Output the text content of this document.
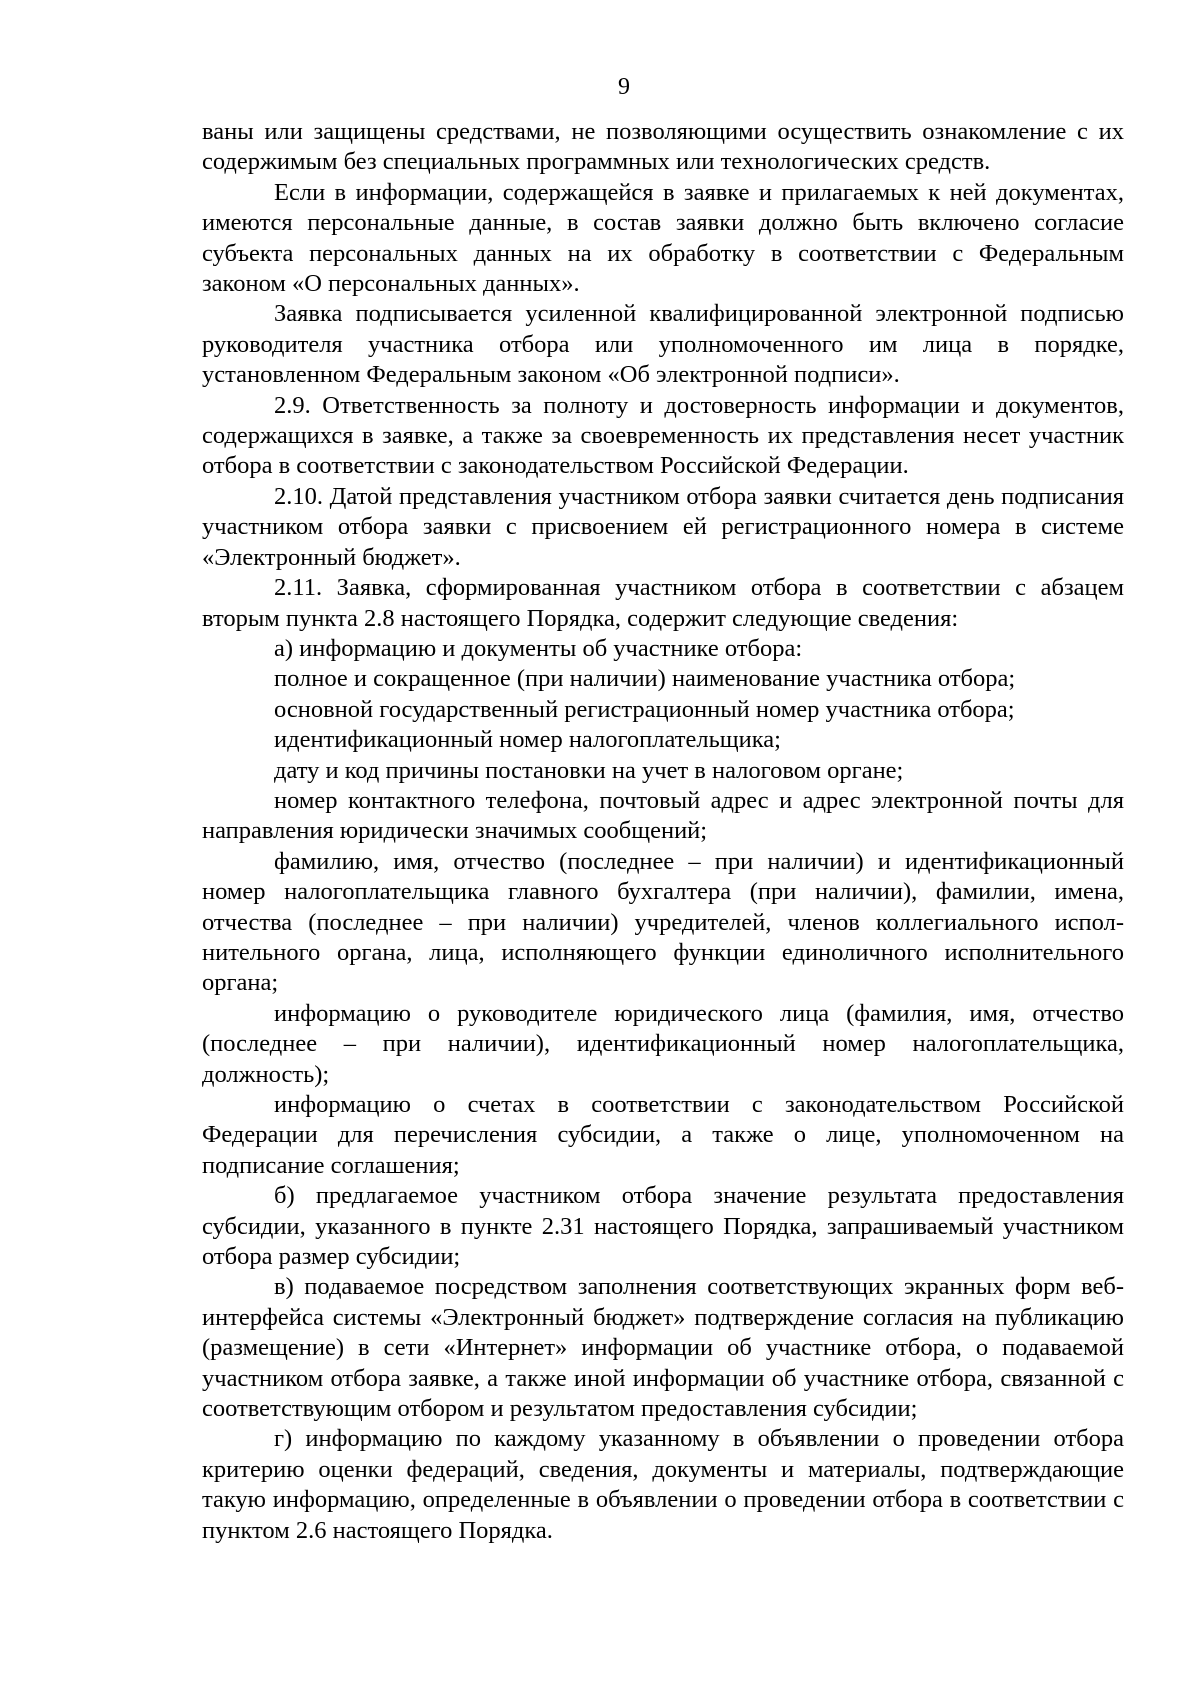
9

ваны или защищены средствами, не позволяющими осуществить ознакомление с их содержимым без специальных программных или технологических средств.

Если в информации, содержащейся в заявке и прилагаемых к ней документах, имеются персональные данные, в состав заявки должно быть включено согласие субъекта персональных данных на их обработку в соответствии с Федеральным законом «О персональных данных».

Заявка подписывается усиленной квалифицированной электронной подписью руководителя участника отбора или уполномоченного им лица в порядке, установленном Федеральным законом «Об электронной подписи».

2.9. Ответственность за полноту и достоверность информации и документов, содержащихся в заявке, а также за своевременность их представления несет участник отбора в соответствии с законодательством Российской Федерации.

2.10. Датой представления участником отбора заявки считается день подписания участником отбора заявки с присвоением ей регистрационного номера в системе «Электронный бюджет».

2.11. Заявка, сформированная участником отбора в соответствии с абзацем вторым пункта 2.8 настоящего Порядка, содержит следующие сведения:

а) информацию и документы об участнике отбора:

полное и сокращенное (при наличии) наименование участника отбора;

основной государственный регистрационный номер участника отбора;

идентификационный номер налогоплательщика;

дату и код причины постановки на учет в налоговом органе;

номер контактного телефона, почтовый адрес и адрес электронной почты для направления юридически значимых сообщений;

фамилию, имя, отчество (последнее – при наличии) и идентификационный номер налогоплательщика главного бухгалтера (при наличии), фамилии, имена, отчества (последнее – при наличии) учредителей, членов коллегиального исполнительного органа, лица, исполняющего функции единоличного исполнительного органа;

информацию о руководителе юридического лица (фамилия, имя, отчество (последнее – при наличии), идентификационный номер налогоплательщика, должность);

информацию о счетах в соответствии с законодательством Российской Федерации для перечисления субсидии, а также о лице, уполномоченном на подписание соглашения;

б) предлагаемое участником отбора значение результата предоставления субсидии, указанного в пункте 2.31 настоящего Порядка, запрашиваемый участником отбора размер субсидии;

в) подаваемое посредством заполнения соответствующих экранных форм веб-интерфейса системы «Электронный бюджет» подтверждение согласия на публикацию (размещение) в сети «Интернет» информации об участнике отбора, о подаваемой участником отбора заявке, а также иной информации об участнике отбора, связанной с соответствующим отбором и результатом предоставления субсидии;

г) информацию по каждому указанному в объявлении о проведении отбора критерию оценки федераций, сведения, документы и материалы, подтверждающие такую информацию, определенные в объявлении о проведении отбора в соответствии с пунктом 2.6 настоящего Порядка.
